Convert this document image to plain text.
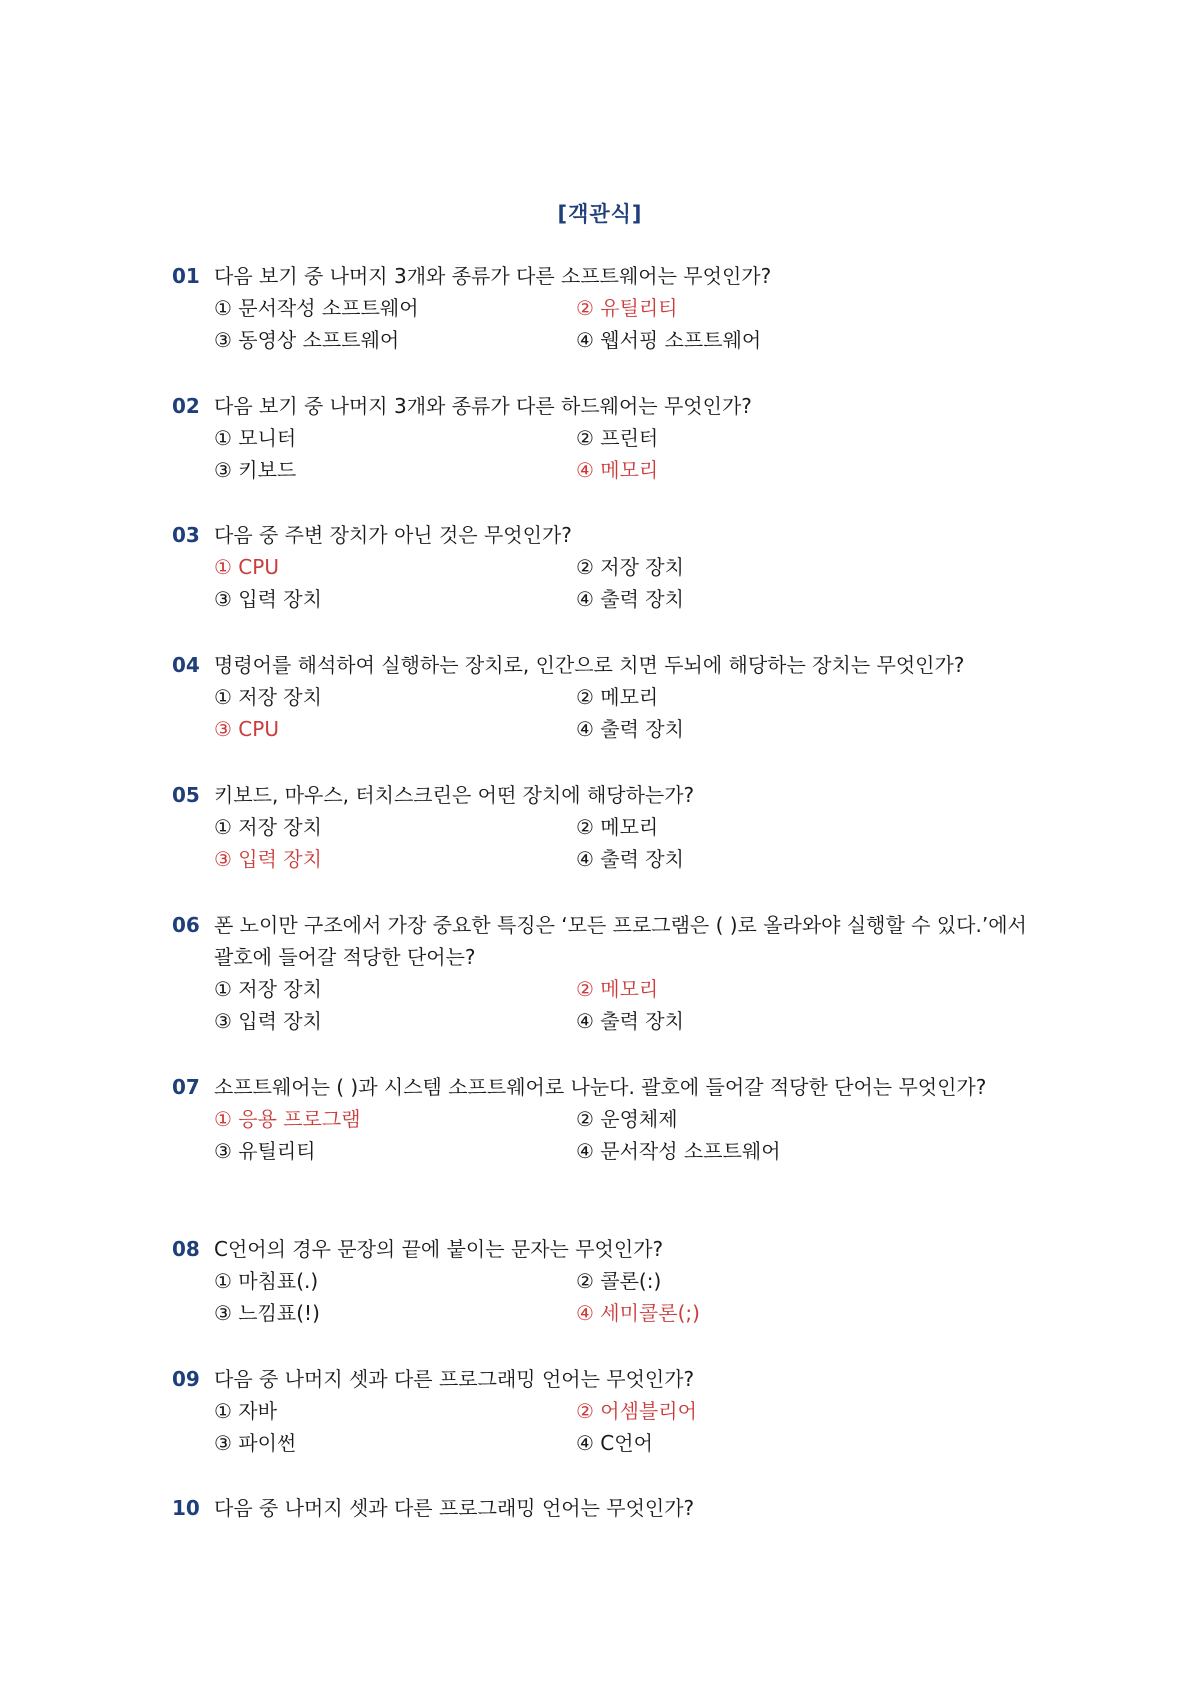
[객관식]
01 다음 보기 중 나머지 3개와 종류가 다른 소프트웨어는 무엇인가?
① 문서작성 소프트웨어	② 유틸리티
③ 동영상 소프트웨어	④ 웹서핑 소프트웨어
02 다음 보기 중 나머지 3개와 종류가 다른 하드웨어는 무엇인가?
① 모니터	② 프린터
③ 키보드	④ 메모리
03 다음 중 주변 장치가 아닌 것은 무엇인가?
① CPU	② 저장 장치
③ 입력 장치	④ 출력 장치
04 명령어를 해석하여 실행하는 장치로, 인간으로 치면 두뇌에 해당하는 장치는 무엇인가?
① 저장 장치	② 메모리
③ CPU	④ 출력 장치
05 키보드, 마우스, 터치스크린은 어떤 장치에 해당하는가?
① 저장 장치	② 메모리
③ 입력 장치	④ 출력 장치
06 폰 노이만 구조에서 가장 중요한 특징은 ‘모든 프로그램은 ( )로 올라와야 실행할 수 있다.’에서 괄호에 들어갈 적당한 단어는?
① 저장 장치	② 메모리
③ 입력 장치	④ 출력 장치
07 소프트웨어는 ( )과 시스템 소프트웨어로 나눈다. 괄호에 들어갈 적당한 단어는 무엇인가?
① 응용 프로그램	② 운영체제
③ 유틸리티	④ 문서작성 소프트웨어
08 C언어의 경우 문장의 끝에 붙이는 문자는 무엇인가?
① 마침표(.)	② 콜론(:)
③ 느낌표(!)	④ 세미콜론(;)
09 다음 중 나머지 셋과 다른 프로그래밍 언어는 무엇인가?
① 자바	② 어셈블리어
③ 파이썬	④ C언어
10 다음 중 나머지 셋과 다른 프로그래밍 언어는 무엇인가?
